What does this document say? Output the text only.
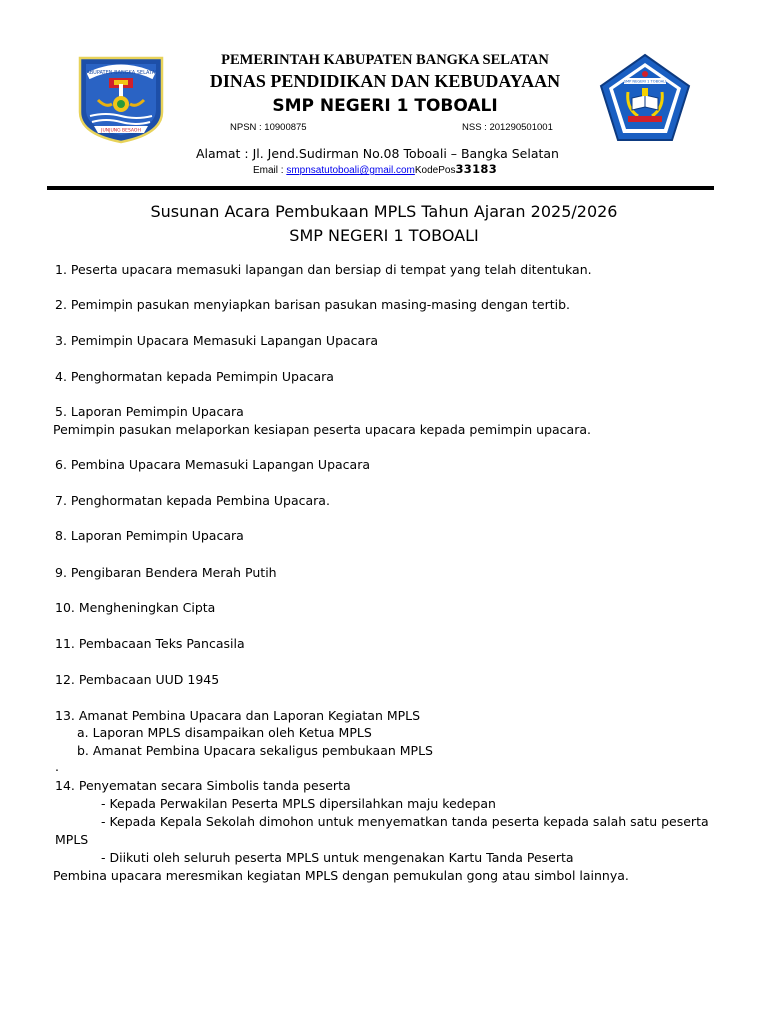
KABUPATEN BANGKA SELATAN
JUNJUNG BESAOH
PEMERINTAH KABUPATEN BANGKA SELATAN
DINAS PENDIDIKAN DAN KEBUDAYAAN
SMP NEGERI 1 TOBOALI
NPSN : 10900875	NSS : 201290501001
SMP NEGERI 1 TOBOALI
Alamat : Jl. Jend.Sudirman No.08 Toboali – Bangka Selatan
Email : smpnsatutoboali@gmail.comKodePos33183
Susunan Acara Pembukaan MPLS Tahun Ajaran 2025/2026
SMP NEGERI 1 TOBOALI
1. Peserta upacara memasuki lapangan dan bersiap di tempat yang telah ditentukan.
2. Pemimpin pasukan menyiapkan barisan pasukan masing-masing dengan tertib.
3. Pemimpin Upacara Memasuki Lapangan Upacara
4. Penghormatan kepada Pemimpin Upacara
5. Laporan Pemimpin Upacara
Pemimpin pasukan melaporkan kesiapan peserta upacara kepada pemimpin upacara.
6. Pembina Upacara Memasuki Lapangan Upacara
7. Penghormatan kepada Pembina Upacara.
8. Laporan Pemimpin Upacara
9. Pengibaran Bendera Merah Putih
10. Mengheningkan Cipta
11. Pembacaan Teks Pancasila
12. Pembacaan UUD 1945
13. Amanat Pembina Upacara dan Laporan Kegiatan MPLS
a. Laporan MPLS disampaikan oleh Ketua MPLS
b. Amanat Pembina Upacara sekaligus pembukaan MPLS
.
14. Penyematan secara Simbolis tanda peserta
- Kepada Perwakilan Peserta MPLS dipersilahkan maju kedepan
- Kepada Kepala Sekolah dimohon untuk menyematkan tanda peserta kepada salah satu peserta
MPLS
- Diikuti oleh seluruh peserta MPLS untuk mengenakan Kartu Tanda Peserta
Pembina upacara meresmikan kegiatan MPLS dengan pemukulan gong atau simbol lainnya.
